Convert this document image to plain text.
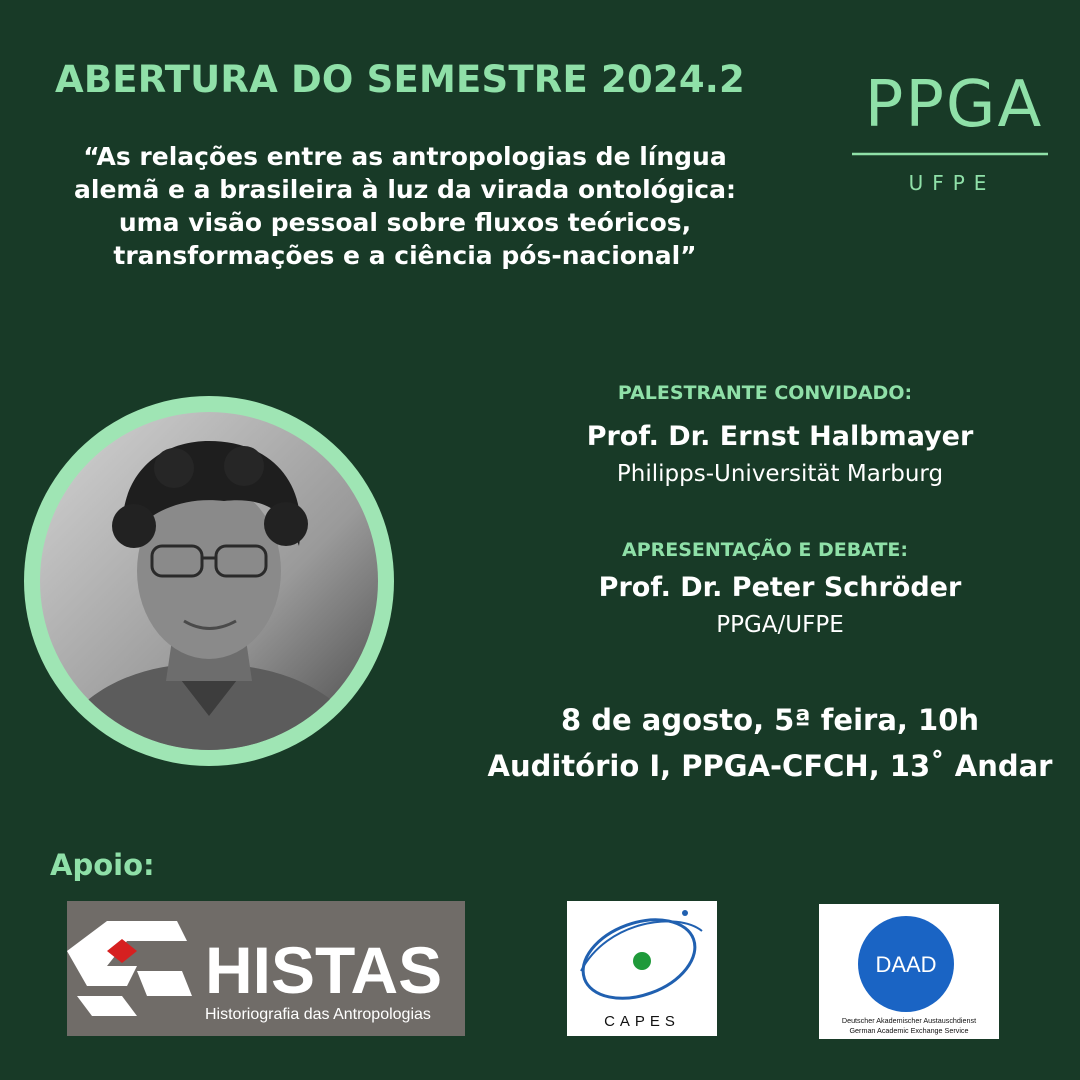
ABERTURA DO SEMESTRE 2024.2
“As relações entre as antropologias de língua
alemã e a brasileira à luz da virada ontológica:
uma visão pessoal sobre fluxos teóricos,
transformações e a ciência pós-nacional”
PPGA
UFPE
PALESTRANTE CONVIDADO:
Prof. Dr. Ernst Halbmayer
Philipps-Universität Marburg
APRESENTAÇÃO E DEBATE:
Prof. Dr. Peter Schröder
PPGA/UFPE
8 de agosto, 5ª feira, 10h
Auditório I, PPGA-CFCH, 13˚ Andar
Apoio:
HISTAS
Historiografia das Antropologias	CAPES
DAAD
Deutscher Akademischer Austauschdienst
German Academic Exchange Service
